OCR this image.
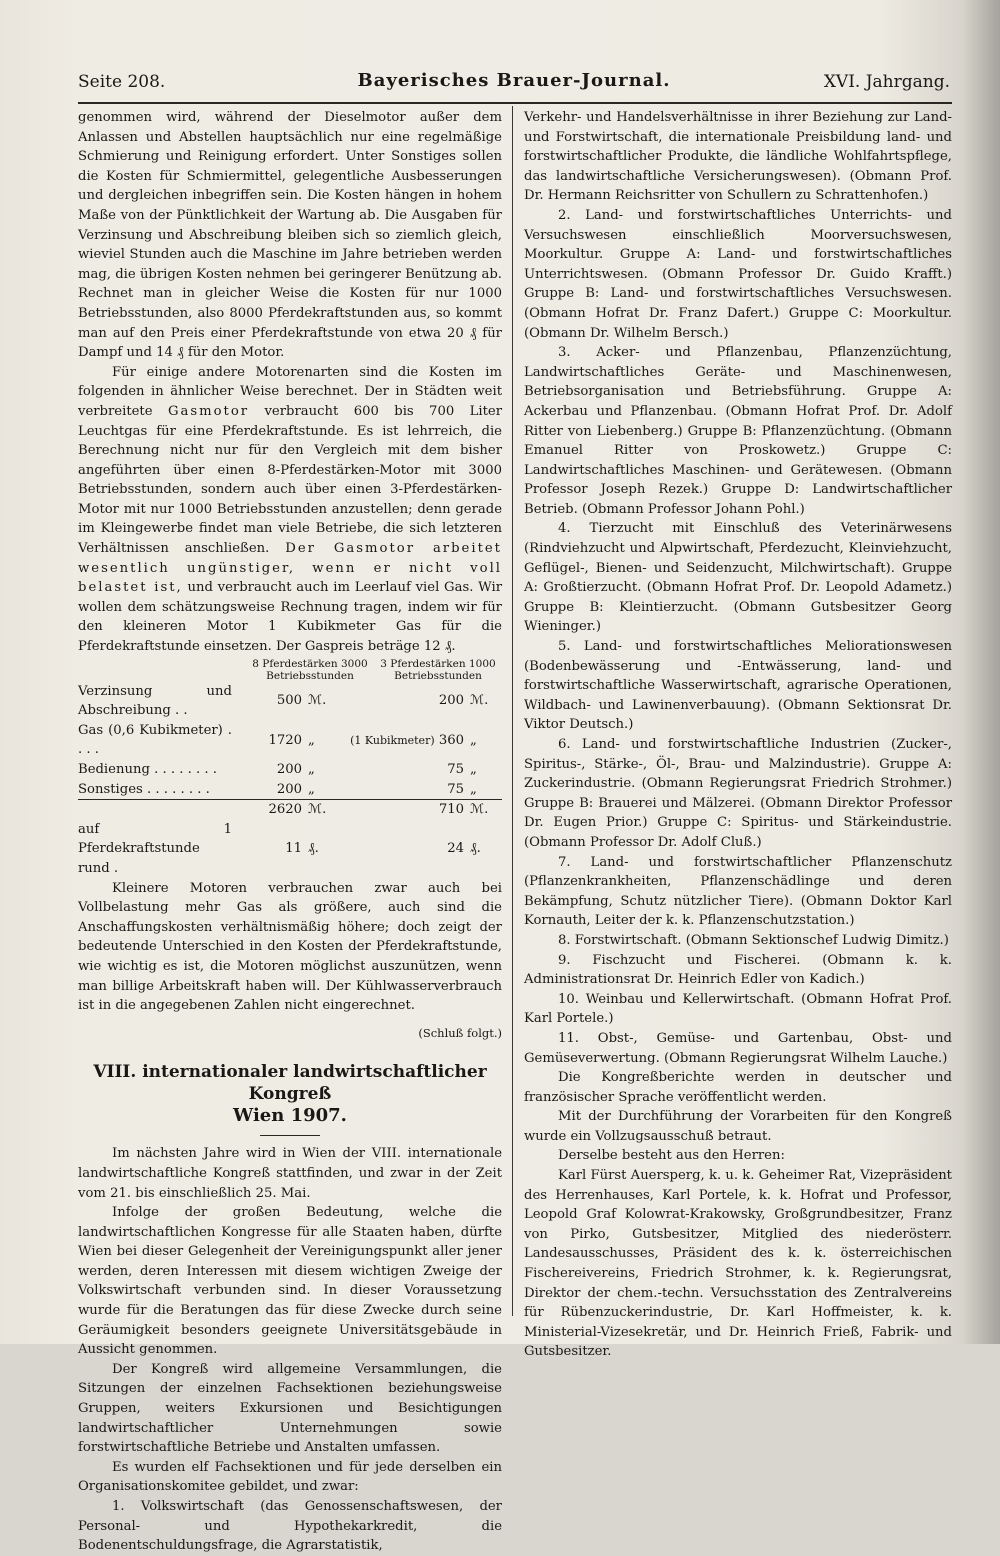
Seite 208.	Bayerisches Brauer-Journal.	XVI. Jahrgang.

genommen wird, während der Dieselmotor außer dem Anlassen und Abstellen hauptsächlich nur eine regelmäßige Schmierung und Reinigung erfordert. Unter Sonstiges sollen die Kosten für Schmiermittel, gelegentliche Ausbesserungen und dergleichen inbegriffen sein. Die Kosten hängen in hohem Maße von der Pünktlichkeit der Wartung ab. Die Ausgaben für Verzinsung und Abschreibung bleiben sich so ziemlich gleich, wieviel Stunden auch die Maschine im Jahre betrieben werden mag, die übrigen Kosten nehmen bei geringerer Benützung ab. Rechnet man in gleicher Weise die Kosten für nur 1000 Betriebsstunden, also 8000 Pferdekraftstunden aus, so kommt man auf den Preis einer Pferdekraftstunde von etwa 20 ₰ für Dampf und 14 ₰ für den Motor.

Für einige andere Motorenarten sind die Kosten im folgenden in ähnlicher Weise berechnet. Der in Städten weit verbreitete Gasmotor verbraucht 600 bis 700 Liter Leuchtgas für eine Pferdekraftstunde. Es ist lehrreich, die Berechnung nicht nur für den Vergleich mit dem bisher angeführten über einen 8-Pferdestärken-Motor mit 3000 Betriebsstunden, sondern auch über einen 3-Pferdestärken-Motor mit nur 1000 Betriebsstunden anzustellen; denn gerade im Kleingewerbe findet man viele Betriebe, die sich letzteren Verhältnissen anschließen. Der Gasmotor arbeitet wesentlich ungünstiger, wenn er nicht voll belastet ist, und verbraucht auch im Leerlauf viel Gas. Wir wollen dem schätzungsweise Rechnung tragen, indem wir für den kleineren Motor 1 Kubikmeter Gas für die Pferdekraftstunde einsetzen. Der Gaspreis beträge 12 ₰.

8 Pferdestärken 3000 Betriebsstunden
3 Pferdestärken 1000 Betriebsstunden
Verzinsung und Abschreibung . .	500	ℳ.	200	ℳ.
Gas (0,6 Kubikmeter) . . . .	1720	„	(1 Kubikmeter) 360	„
Bedienung . . . . . . . .	200	„	75	„
Sonstiges . . . . . . . .	200	„	75	„
	2620	ℳ.	710	ℳ.
auf 1 Pferdekraftstunde rund .	11	₰.	24	₰.

Kleinere Motoren verbrauchen zwar auch bei Vollbelastung mehr Gas als größere, auch sind die Anschaffungskosten verhältnismäßig höhere; doch zeigt der bedeutende Unterschied in den Kosten der Pferdekraftstunde, wie wichtig es ist, die Motoren möglichst auszunützen, wenn man billige Arbeitskraft haben will. Der Kühlwasserverbrauch ist in die angegebenen Zahlen nicht eingerechnet.

(Schluß folgt.)
VIII. internationaler landwirtschaftlicher Kongreß
Wien 1907.

Im nächsten Jahre wird in Wien der VIII. internationale landwirtschaftliche Kongreß stattfinden, und zwar in der Zeit vom 21. bis einschließlich 25. Mai.

Infolge der großen Bedeutung, welche die landwirtschaftlichen Kongresse für alle Staaten haben, dürfte Wien bei dieser Gelegenheit der Vereinigungspunkt aller jener werden, deren Interessen mit diesem wichtigen Zweige der Volkswirtschaft verbunden sind. In dieser Voraussetzung wurde für die Beratungen das für diese Zwecke durch seine Geräumigkeit besonders geeignete Universitätsgebäude in Aussicht genommen.

Der Kongreß wird allgemeine Versammlungen, die Sitzungen der einzelnen Fachsektionen beziehungsweise Gruppen, weiters Exkursionen und Besichtigungen landwirtschaftlicher Unternehmungen sowie forstwirtschaftliche Betriebe und Anstalten umfassen.

Es wurden elf Fachsektionen und für jede derselben ein Organisationskomitee gebildet, und zwar:

1. Volkswirtschaft (das Genossenschaftswesen, der Personal- und Hypothekarkredit, die Bodenentschuldungsfrage, die Agrarstatistik,

Verkehr- und Handelsverhältnisse in ihrer Beziehung zur Land- und Forstwirtschaft, die internationale Preisbildung land- und forstwirtschaftlicher Produkte, die ländliche Wohlfahrtspflege, das landwirtschaftliche Versicherungswesen). (Obmann Prof. Dr. Hermann Reichsritter von Schullern zu Schrattenhofen.)

2. Land- und forstwirtschaftliches Unterrichts- und Versuchswesen einschließlich Moorversuchswesen, Moorkultur. Gruppe A: Land- und forstwirtschaftliches Unterrichtswesen. (Obmann Professor Dr. Guido Krafft.) Gruppe B: Land- und forstwirtschaftliches Versuchswesen. (Obmann Hofrat Dr. Franz Dafert.) Gruppe C: Moorkultur. (Obmann Dr. Wilhelm Bersch.)

3. Acker- und Pflanzenbau, Pflanzenzüchtung, Landwirtschaftliches Geräte- und Maschinenwesen, Betriebsorganisation und Betriebsführung. Gruppe A: Ackerbau und Pflanzenbau. (Obmann Hofrat Prof. Dr. Adolf Ritter von Liebenberg.) Gruppe B: Pflanzenzüchtung. (Obmann Emanuel Ritter von Proskowetz.) Gruppe C: Landwirtschaftliches Maschinen- und Gerätewesen. (Obmann Professor Joseph Rezek.) Gruppe D: Landwirtschaftlicher Betrieb. (Obmann Professor Johann Pohl.)

4. Tierzucht mit Einschluß des Veterinärwesens (Rindviehzucht und Alpwirtschaft, Pferdezucht, Kleinviehzucht, Geflügel-, Bienen- und Seidenzucht, Milchwirtschaft). Gruppe A: Großtierzucht. (Obmann Hofrat Prof. Dr. Leopold Adametz.) Gruppe B: Kleintierzucht. (Obmann Gutsbesitzer Georg Wieninger.)

5. Land- und forstwirtschaftliches Meliorationswesen (Bodenbewässerung und -Entwässerung, land- und forstwirtschaftliche Wasserwirtschaft, agrarische Operationen, Wildbach- und Lawinenverbauung). (Obmann Sektionsrat Dr. Viktor Deutsch.)

6. Land- und forstwirtschaftliche Industrien (Zucker-, Spiritus-, Stärke-, Öl-, Brau- und Malzindustrie). Gruppe A: Zuckerindustrie. (Obmann Regierungsrat Friedrich Strohmer.) Gruppe B: Brauerei und Mälzerei. (Obmann Direktor Professor Dr. Eugen Prior.) Gruppe C: Spiritus- und Stärkeindustrie. (Obmann Professor Dr. Adolf Cluß.)

7. Land- und forstwirtschaftlicher Pflanzenschutz (Pflanzenkrankheiten, Pflanzenschädlinge und deren Bekämpfung, Schutz nützlicher Tiere). (Obmann Doktor Karl Kornauth, Leiter der k. k. Pflanzenschutzstation.)

8. Forstwirtschaft. (Obmann Sektionschef Ludwig Dimitz.)

9. Fischzucht und Fischerei. (Obmann k. k. Administrationsrat Dr. Heinrich Edler von Kadich.)

10. Weinbau und Kellerwirtschaft. (Obmann Hofrat Prof. Karl Portele.)

11. Obst-, Gemüse- und Gartenbau, Obst- und Gemüseverwertung. (Obmann Regierungsrat Wilhelm Lauche.)

Die Kongreßberichte werden in deutscher und französischer Sprache veröffentlicht werden.

Mit der Durchführung der Vorarbeiten für den Kongreß wurde ein Vollzugsausschuß betraut.

Derselbe besteht aus den Herren:

Karl Fürst Auersperg, k. u. k. Geheimer Rat, Vizepräsident des Herrenhauses, Karl Portele, k. k. Hofrat und Professor, Leopold Graf Kolowrat-Krakowsky, Großgrundbesitzer, Franz von Pirko, Gutsbesitzer, Mitglied des niederösterr. Landesausschusses, Präsident des k. k. österreichischen Fischereivereins, Friedrich Strohmer, k. k. Regierungsrat, Direktor der chem.-techn. Versuchsstation des Zentralvereins für Rübenzuckerindustrie, Dr. Karl Hoffmeister, k. k. Ministerial-Vizesekretär, und Dr. Heinrich Frieß, Fabrik- und Gutsbesitzer.
